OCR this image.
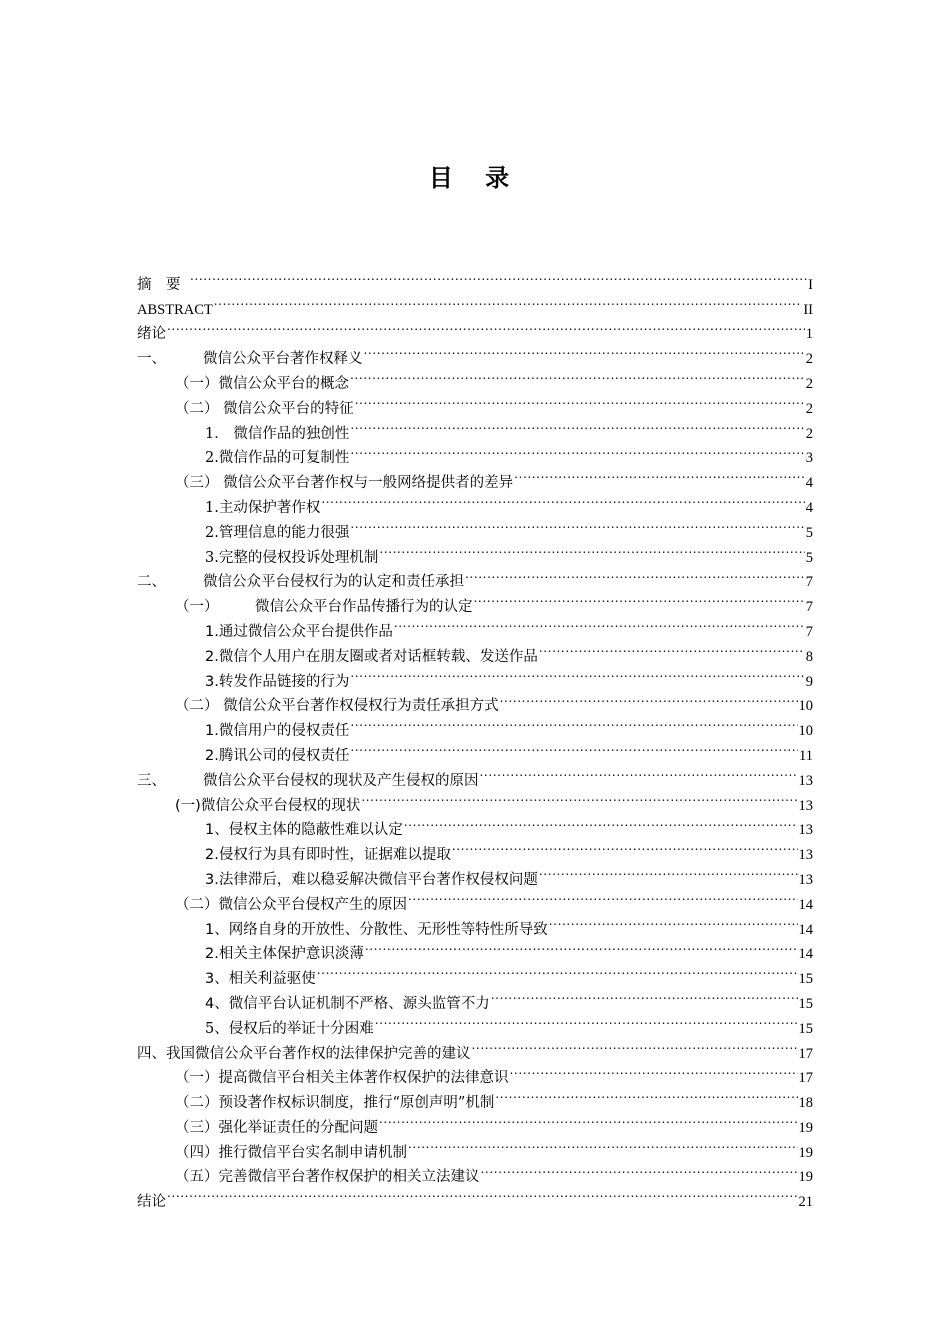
目 录
摘　要 .....	I
ABSTRACT .....	II
绪论 .....	1
一、	微信公众平台著作权释义 .....	2
（一）微信公众平台的概念 .....	2
（二） 微信公众平台的特征 .....	2
1． 微信作品的独创性 .....	2
2.微信作品的可复制性 .....	3
（三） 微信公众平台著作权与一般网络提供者的差异 .....	4
1.主动保护著作权 .....	4
2.管理信息的能力很强 .....	5
3.完整的侵权投诉处理机制 .....	5
二、	微信公众平台侵权行为的认定和责任承担 .....	7
（一）	微信公众平台作品传播行为的认定 .....	7
1.通过微信公众平台提供作品 .....	7
2.微信个人用户在朋友圈或者对话框转载、发送作品 .....	8
3.转发作品链接的行为 .....	9
（二） 微信公众平台著作权侵权行为责任承担方式 .....	10
1.微信用户的侵权责任 .....	10
2.腾讯公司的侵权责任 .....	11
三、	微信公众平台侵权的现状及产生侵权的原因 .....	13
(一)微信公众平台侵权的现状 .....	13
1、侵权主体的隐蔽性难以认定 .....	13
2.侵权行为具有即时性，证据难以提取 .....	13
3.法律滞后，难以稳妥解决微信平台著作权侵权问题 .....	13
（二）微信公众平台侵权产生的原因 .....	14
1、网络自身的开放性、分散性、无形性等特性所导致 .....	14
2.相关主体保护意识淡薄 .....	14
3、相关利益驱使 .....	15
4、微信平台认证机制不严格、源头监管不力 .....	15
5、侵权后的举证十分困难 .....	15
四、我国微信公众平台著作权的法律保护完善的建议 .....	17
（一）提高微信平台相关主体著作权保护的法律意识 .....	17
（二）预设著作权标识制度，推行“原创声明”机制 .....	18
（三）强化举证责任的分配问题 .....	19
（四）推行微信平台实名制申请机制 .....	19
（五）完善微信平台著作权保护的相关立法建议 .....	19
结论 .....	21
